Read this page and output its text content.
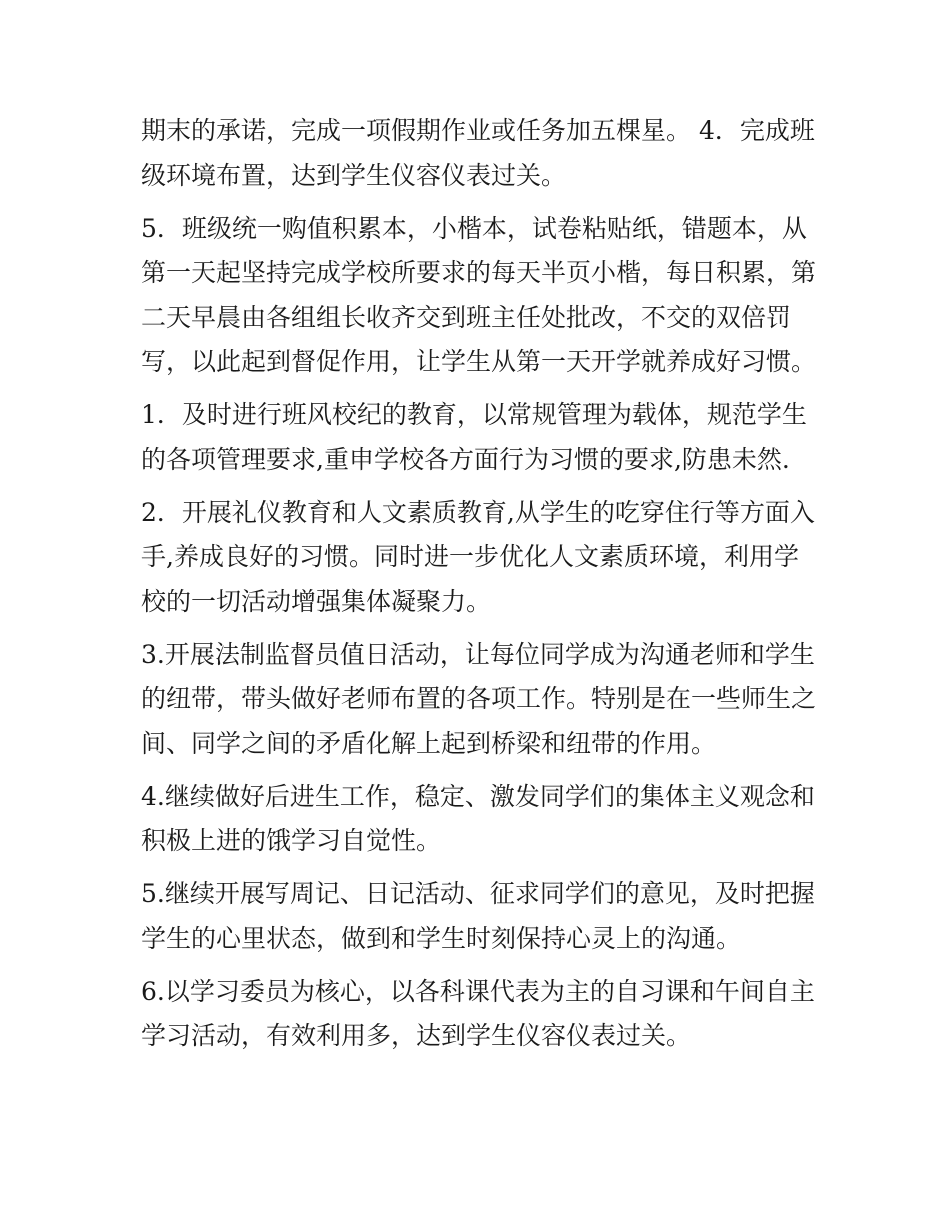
期末的承诺，完成一项假期作业或任务加五棵星。 4．完成班级环境布置，达到学生仪容仪表过关。

5．班级统一购值积累本，小楷本，试卷粘贴纸，错题本，从第一天起坚持完成学校所要求的每天半页小楷，每日积累，第二天早晨由各组组长收齐交到班主任处批改，不交的双倍罚写，以此起到督促作用，让学生从第一天开学就养成好习惯。

1．及时进行班风校纪的教育，以常规管理为载体，规范学生的各项管理要求,重申学校各方面行为习惯的要求,防患未然.

2．开展礼仪教育和人文素质教育,从学生的吃穿住行等方面入手,养成良好的习惯。同时进一步优化人文素质环境，利用学校的一切活动增强集体凝聚力。

3.开展法制监督员值日活动，让每位同学成为沟通老师和学生的纽带，带头做好老师布置的各项工作。特别是在一些师生之间、同学之间的矛盾化解上起到桥梁和纽带的作用。

4.继续做好后进生工作，稳定、激发同学们的集体主义观念和积极上进的饿学习自觉性。

5.继续开展写周记、日记活动、征求同学们的意见，及时把握学生的心里状态，做到和学生时刻保持心灵上的沟通。

6.以学习委员为核心，以各科课代表为主的自习课和午间自主学习活动，有效利用多，达到学生仪容仪表过关。
